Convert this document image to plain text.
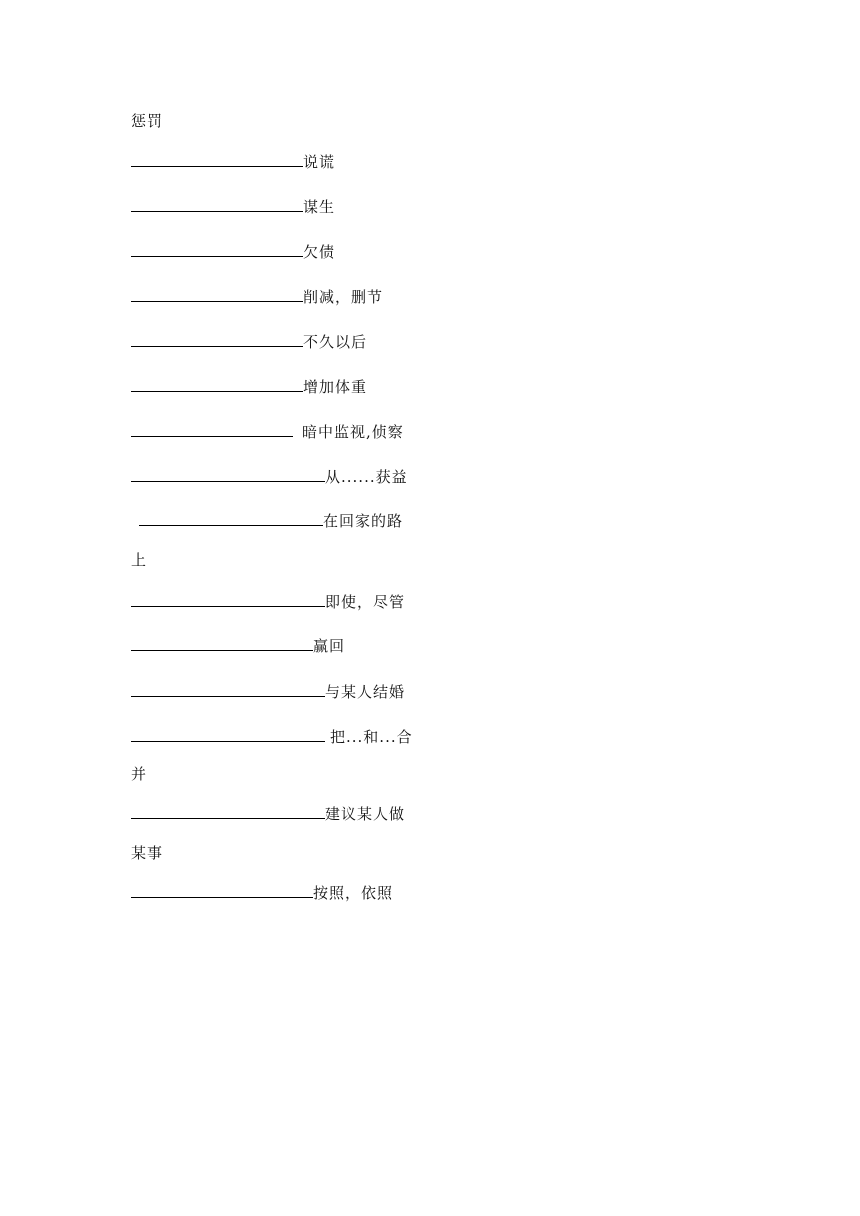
惩罚
说谎
谋生
欠债
削减，删节
不久以后
增加体重
暗中监视,侦察
从......获益
在回家的路
上
即使，尽管
赢回
与某人结婚
把...和...合
并
建议某人做
某事
按照，依照
